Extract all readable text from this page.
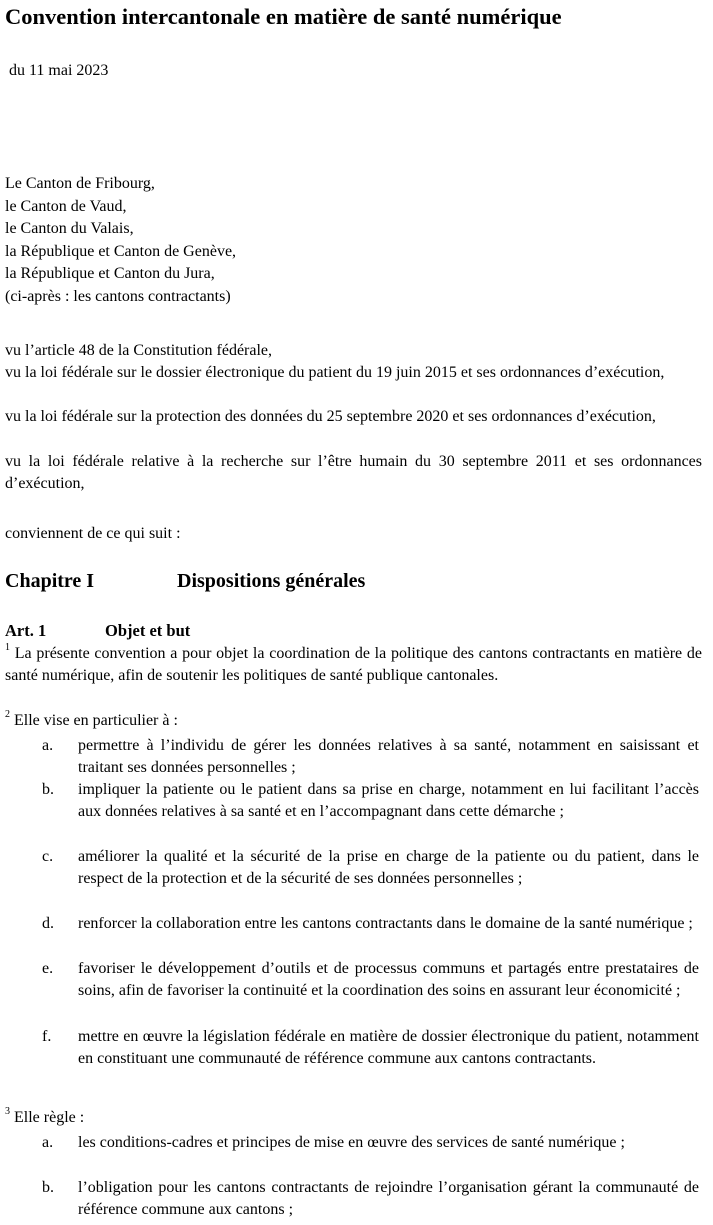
Convention intercantonale en matière de santé numérique
du 11 mai 2023
Le Canton de Fribourg,
le Canton de Vaud,
le Canton du Valais,
la République et Canton de Genève,
la République et Canton du Jura,
(ci-après : les cantons contractants)
vu l’article 48 de la Constitution fédérale,
vu la loi fédérale sur le dossier électronique du patient du 19 juin 2015 et ses ordonnances d’exécution,
vu la loi fédérale sur la protection des données du 25 septembre 2020 et ses ordonnances d’exécution,
vu la loi fédérale relative à la recherche sur l’être humain du 30 septembre 2011 et ses ordonnances d’exécution,
conviennent de ce qui suit :
Chapitre I	Dispositions générales
Art. 1	Objet et but
$^1$ La présente convention a pour objet la coordination de la politique des cantons contractants en matière de santé numérique, afin de soutenir les politiques de santé publique cantonales.
$^2$ Elle vise en particulier à :
a. permettre à l’individu de gérer les données relatives à sa santé, notamment en saisissant et traitant ses données personnelles ;
b. impliquer la patiente ou le patient dans sa prise en charge, notamment en lui facilitant l’accès aux données relatives à sa santé et en l’accompagnant dans cette démarche ;
c. améliorer la qualité et la sécurité de la prise en charge de la patiente ou du patient, dans le respect de la protection et de la sécurité de ses données personnelles ;
d. renforcer la collaboration entre les cantons contractants dans le domaine de la santé numérique ;
e. favoriser le développement d’outils et de processus communs et partagés entre prestataires de soins, afin de favoriser la continuité et la coordination des soins en assurant leur économicité ;
f. mettre en œuvre la législation fédérale en matière de dossier électronique du patient, notamment en constituant une communauté de référence commune aux cantons contractants.
$^3$ Elle règle :
a. les conditions-cadres et principes de mise en œuvre des services de santé numérique ;
b. l’obligation pour les cantons contractants de rejoindre l’organisation gérant la communauté de référence commune aux cantons ;
